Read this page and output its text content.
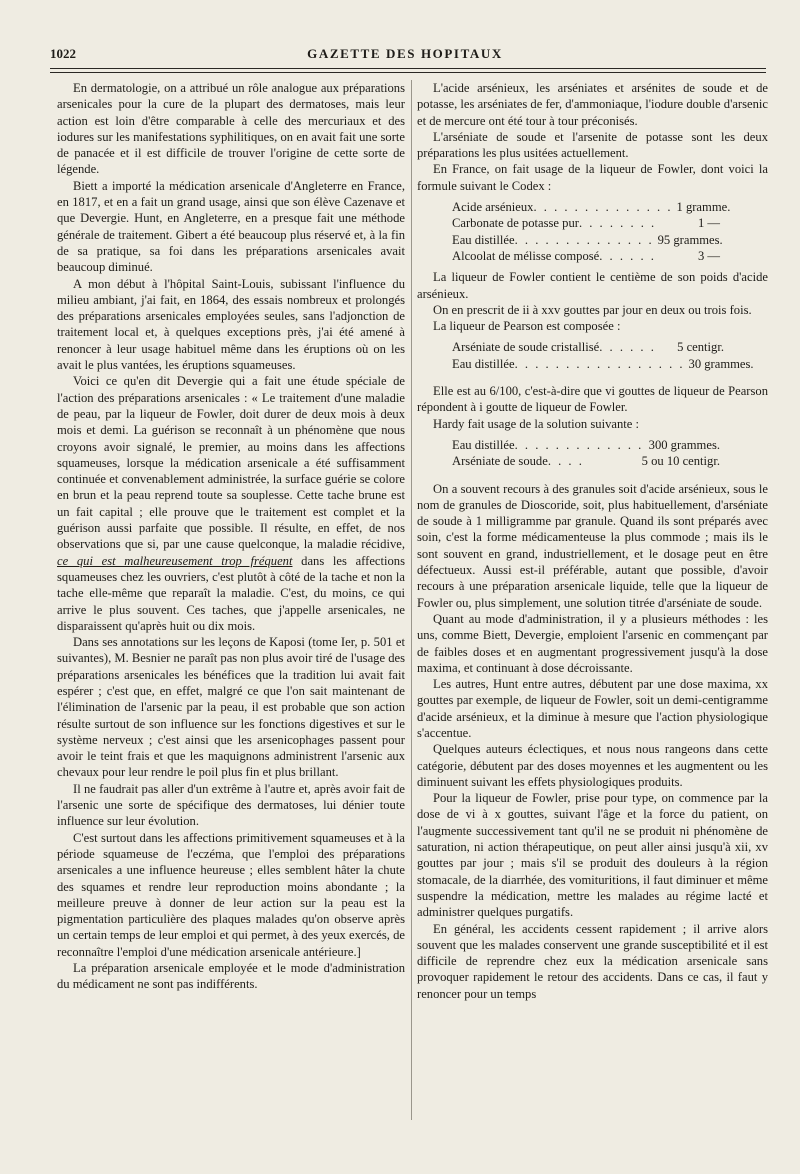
1022	GAZETTE DES HOPITAUX

En dermatologie, on a attribué un rôle analogue aux préparations arsenicales pour la cure de la plupart des dermatoses, mais leur action est loin d'être comparable à celle des mercuriaux et des iodures sur les manifestations syphilitiques, on en avait fait une sorte de panacée et il est difficile de trouver l'origine de cette sorte de légende.

Biett a importé la médication arsenicale d'Angleterre en France, en 1817, et en a fait un grand usage, ainsi que son élève Cazenave et que Devergie. Hunt, en Angleterre, en a presque fait une méthode générale de traitement. Gibert a été beaucoup plus réservé et, à la fin de sa pratique, sa foi dans les préparations arsenicales avait beaucoup diminué.

A mon début à l'hôpital Saint-Louis, subissant l'influence du milieu ambiant, j'ai fait, en 1864, des essais nombreux et prolongés des préparations arsenicales employées seules, sans l'adjonction de traitement local et, à quelques exceptions près, j'ai été amené à renoncer à leur usage habituel même dans les éruptions où on les avait le plus vantées, les éruptions squameuses.

Voici ce qu'en dit Devergie qui a fait une étude spéciale de l'action des préparations arsenicales : « Le traitement d'une maladie de peau, par la liqueur de Fowler, doit durer de deux mois à deux mois et demi. La guérison se reconnaît à un phénomène que nous croyons avoir signalé, le premier, au moins dans les affections squameuses, lorsque la médication arsenicale a été suffisamment continuée et convenablement administrée, la surface guérie se colore en brun et la peau reprend toute sa souplesse. Cette tache brune est un fait capital ; elle prouve que le traitement est complet et la guérison aussi parfaite que possible. Il résulte, en effet, de nos observations que si, par une cause quelconque, la maladie récidive, ce qui est malheureusement trop fréquent dans les affections squameuses chez les ouvriers, c'est plutôt à côté de la tache et non la tache elle-même que reparaît la maladie. C'est, du moins, ce qui arrive le plus souvent. Ces taches, que j'appelle arsenicales, ne disparaissent qu'après huit ou dix mois.

Dans ses annotations sur les leçons de Kaposi (tome Ier, p. 501 et suivantes), M. Besnier ne paraît pas non plus avoir tiré de l'usage des préparations arsenicales les bénéfices que la tradition lui avait fait espérer ; c'est que, en effet, malgré ce que l'on sait maintenant de l'élimination de l'arsenic par la peau, il est probable que son action résulte surtout de son influence sur les fonctions digestives et sur le système nerveux ; c'est ainsi que les arsenicophages passent pour avoir le teint frais et que les maquignons administrent l'arsenic aux chevaux pour leur rendre le poil plus fin et plus brillant.

Il ne faudrait pas aller d'un extrême à l'autre et, après avoir fait de l'arsenic une sorte de spécifique des dermatoses, lui dénier toute influence sur leur évolution.

C'est surtout dans les affections primitivement squameuses et à la période squameuse de l'eczéma, que l'emploi des préparations arsenicales a une influence heureuse ; elles semblent hâter la chute des squames et rendre leur reproduction moins abondante ; la meilleure preuve à donner de leur action sur la peau est la pigmentation particulière des plaques malades qu'on observe après un certain temps de leur emploi et qui permet, à des yeux exercés, de reconnaître l'emploi d'une médication arsenicale antérieure.]

La préparation arsenicale employée et le mode d'administration du médicament ne sont pas indifférents.

L'acide arsénieux, les arséniates et arsénites de soude et de potasse, les arséniates de fer, d'ammoniaque, l'iodure double d'arsenic et de mercure ont été tour à tour préconisés.

L'arséniate de soude et l'arsenite de potasse sont les deux préparations les plus usitées actuellement.

En France, on fait usage de la liqueur de Fowler, dont voici la formule suivant le Codex :

Acide arsénieux . . . . . . . . . . . . . . 1 gramme.
Carbonate de potasse pur . . . . . . . .	1 —
Eau distillée . . . . . . . . . . . . . . 95 grammes.
Alcoolat de mélisse composé . . . . . .	3 —

La liqueur de Fowler contient le centième de son poids d'acide arsénieux.

On en prescrit de ii à xxv gouttes par jour en deux ou trois fois.

La liqueur de Pearson est composée :

Arséniate de soude cristallisé . . . . . .	5 centigr.
Eau distillée . . . . . . . . . . . . . . . . . 30 grammes.

Elle est au 6/100, c'est-à-dire que vi gouttes de liqueur de Pearson répondent à i goutte de liqueur de Fowler.

Hardy fait usage de la solution suivante :

Eau distillée . . . . . . . . . . . . . 300 grammes.
Arséniate de soude . . . .	5 ou 10 centigr.

On a souvent recours à des granules soit d'acide arsénieux, sous le nom de granules de Dioscoride, soit, plus habituellement, d'arséniate de soude à 1 milligramme par granule. Quand ils sont préparés avec soin, c'est la forme médicamenteuse la plus commode ; mais ils le sont souvent en grand, industriellement, et le dosage peut en être défectueux. Aussi est-il préférable, autant que possible, d'avoir recours à une préparation arsenicale liquide, telle que la liqueur de Fowler ou, plus simplement, une solution titrée d'arséniate de soude.

Quant au mode d'administration, il y a plusieurs méthodes : les uns, comme Biett, Devergie, emploient l'arsenic en commençant par de faibles doses et en augmentant progressivement jusqu'à la dose maxima, et continuant à dose décroissante.

Les autres, Hunt entre autres, débutent par une dose maxima, xx gouttes par exemple, de liqueur de Fowler, soit un demi-centigramme d'acide arsénieux, et la diminue à mesure que l'action physiologique s'accentue.

Quelques auteurs éclectiques, et nous nous rangeons dans cette catégorie, débutent par des doses moyennes et les augmentent ou les diminuent suivant les effets physiologiques produits.

Pour la liqueur de Fowler, prise pour type, on commence par la dose de vi à x gouttes, suivant l'âge et la force du patient, on l'augmente successivement tant qu'il ne se produit ni phénomène de saturation, ni action thérapeutique, on peut aller ainsi jusqu'à xii, xv gouttes par jour ; mais s'il se produit des douleurs à la région stomacale, de la diarrhée, des vomituritions, il faut diminuer et même suspendre la médication, mettre les malades au régime lacté et administrer quelques purgatifs.

En général, les accidents cessent rapidement ; il arrive alors souvent que les malades conservent une grande susceptibilité et il est difficile de reprendre chez eux la médication arsenicale sans provoquer rapidement le retour des accidents. Dans ce cas, il faut y renoncer pour un temps
